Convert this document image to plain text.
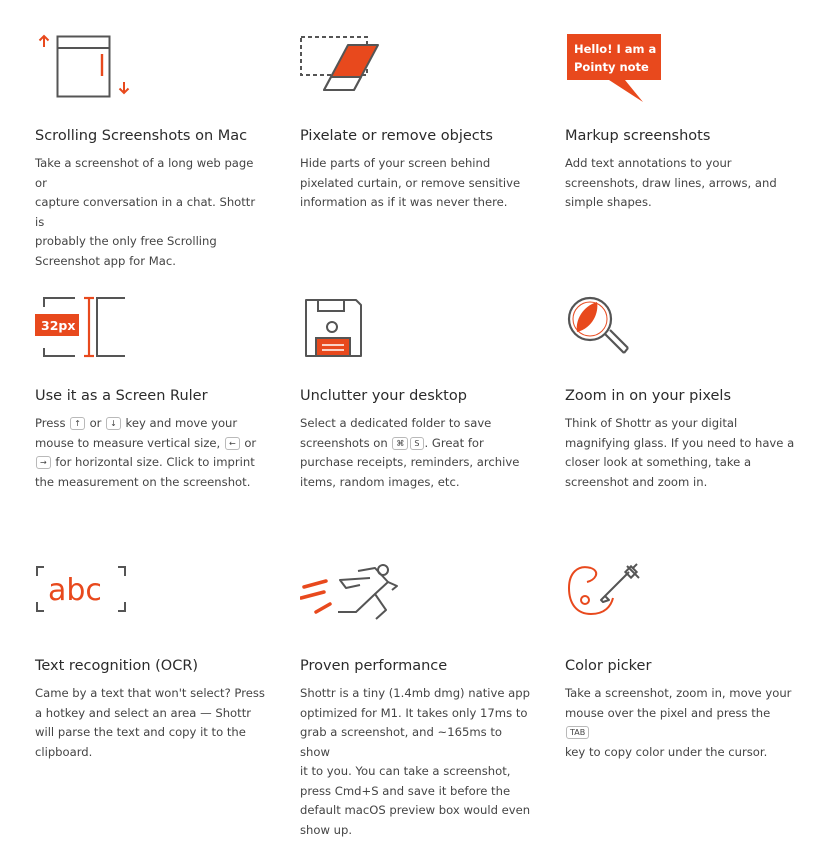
Scrolling Screenshots on Mac
Take a screenshot of a long web page or
capture conversation in a chat. Shottr is
probably the only free Scrolling
Screenshot app for Mac.
Pixelate or remove objects
Hide parts of your screen behind
pixelated curtain, or remove sensitive
information as if it was never there.
Hello! I am a
Pointy note
Markup screenshots
Add text annotations to your
screenshots, draw lines, arrows, and
simple shapes.
32px
Use it as a Screen Ruler
Press ↑ or ↓ key and move your
mouse to measure vertical size, ← or
→ for horizontal size. Click to imprint
the measurement on the screenshot.
Unclutter your desktop
Select a dedicated folder to save
screenshots on ⌘ S . Great for
purchase receipts, reminders, archive
items, random images, etc.
Zoom in on your pixels
Think of Shottr as your digital
magnifying glass. If you need to have a
closer look at something, take a
screenshot and zoom in.
abc
Text recognition (OCR)
Came by a text that won't select? Press
a hotkey and select an area — Shottr
will parse the text and copy it to the
clipboard.
Proven performance
Shottr is a tiny (1.4mb dmg) native app
optimized for M1. It takes only 17ms to
grab a screenshot, and ~165ms to show
it to you. You can take a screenshot,
press Cmd+S and save it before the
default macOS preview box would even
show up.
Color picker
Take a screenshot, zoom in, move your
mouse over the pixel and press the TAB
key to copy color under the cursor.
